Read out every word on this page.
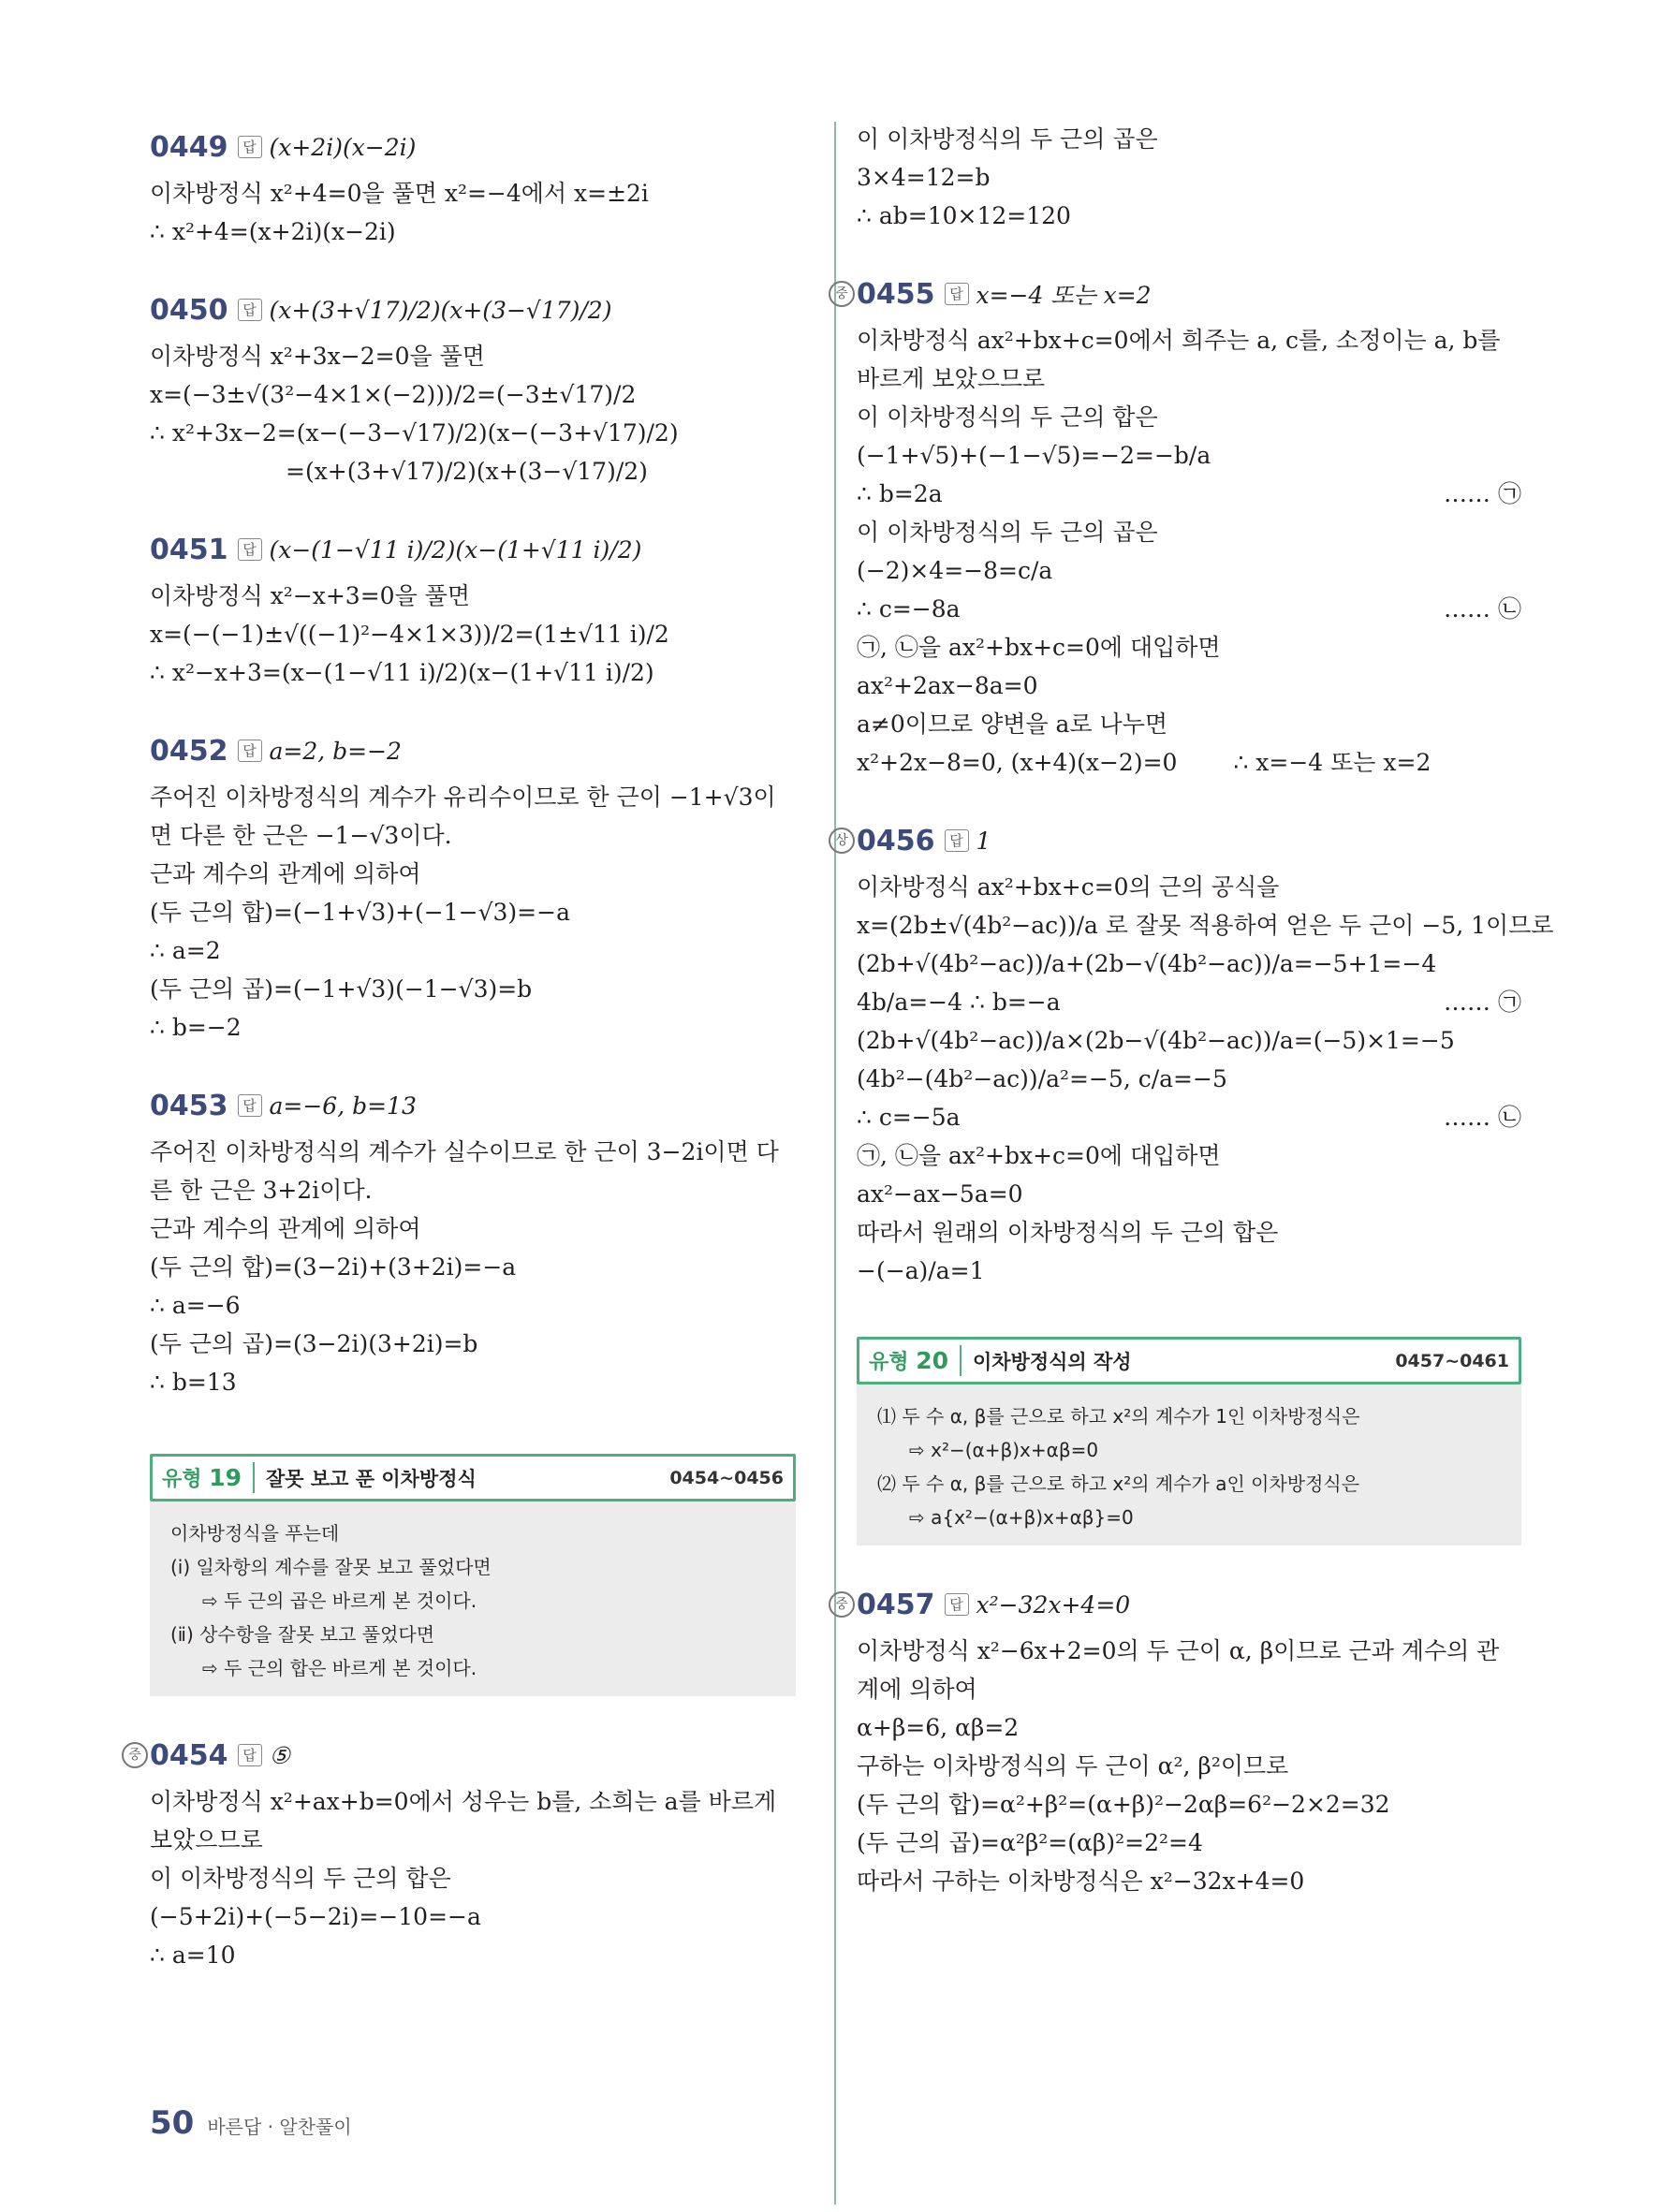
0449	답 (x+2i)(x−2i)
이차방정식 x²+4=0을 풀면 x²=−4에서 x=±2i
∴ x²+4=(x+2i)(x−2i)
0450	답 (x+(3+√17)/2)(x+(3−√17)/2)
이차방정식 x²+3x−2=0을 풀면
x=(−3±√(3²−4×1×(−2)))/2=(−3±√17)/2
∴ x²+3x−2=(x−(−3−√17)/2)(x−(−3+√17)/2)
=(x+(3+√17)/2)(x+(3−√17)/2)
0451	답 (x−(1−√11 i)/2)(x−(1+√11 i)/2)
이차방정식 x²−x+3=0을 풀면
x=(−(−1)±√((−1)²−4×1×3))/2=(1±√11 i)/2
∴ x²−x+3=(x−(1−√11 i)/2)(x−(1+√11 i)/2)
0452	답 a=2, b=−2
주어진 이차방정식의 계수가 유리수이므로 한 근이 −1+√3이면 다른 한 근은 −1−√3이다.
근과 계수의 관계에 의하여
(두 근의 합)=(−1+√3)+(−1−√3)=−a
∴ a=2
(두 근의 곱)=(−1+√3)(−1−√3)=b
∴ b=−2
0453	답 a=−6, b=13
주어진 이차방정식의 계수가 실수이므로 한 근이 3−2i이면 다른 한 근은 3+2i이다.
근과 계수의 관계에 의하여
(두 근의 합)=(3−2i)+(3+2i)=−a
∴ a=−6
(두 근의 곱)=(3−2i)(3+2i)=b
∴ b=13
유형 19 잘못 보고 푼 이차방정식	0454~0456
이차방정식을 푸는데
(ⅰ) 일차항의 계수를 잘못 보고 풀었다면
⇨ 두 근의 곱은 바르게 본 것이다.
(ⅱ) 상수항을 잘못 보고 풀었다면
⇨ 두 근의 합은 바르게 본 것이다.
중 0454	답 ⑤
이차방정식 x²+ax+b=0에서 성우는 b를, 소희는 a를 바르게 보았으므로
이 이차방정식의 두 근의 합은
(−5+2i)+(−5−2i)=−10=−a
∴ a=10
이 이차방정식의 두 근의 곱은
3×4=12=b
∴ ab=10×12=120
중 0455	답 x=−4 또는 x=2
이차방정식 ax²+bx+c=0에서 희주는 a, c를, 소정이는 a, b를 바르게 보았으므로
이 이차방정식의 두 근의 합은
(−1+√5)+(−1−√5)=−2=−b/a
∴ b=2a	…… ㉠
이 이차방정식의 두 근의 곱은
(−2)×4=−8=c/a
∴ c=−8a	…… ㉡
㉠, ㉡을 ax²+bx+c=0에 대입하면
ax²+2ax−8a=0
a≠0이므로 양변을 a로 나누면
x²+2x−8=0, (x+4)(x−2)=0 ∴ x=−4 또는 x=2
상 0456	답 1
이차방정식 ax²+bx+c=0의 근의 공식을
x=(2b±√(4b²−ac))/a 로 잘못 적용하여 얻은 두 근이 −5, 1이므로
(2b+√(4b²−ac))/a+(2b−√(4b²−ac))/a=−5+1=−4
4b/a=−4 ∴ b=−a	…… ㉠
(2b+√(4b²−ac))/a×(2b−√(4b²−ac))/a=(−5)×1=−5
(4b²−(4b²−ac))/a²=−5, c/a=−5
∴ c=−5a	…… ㉡
㉠, ㉡을 ax²+bx+c=0에 대입하면
ax²−ax−5a=0
따라서 원래의 이차방정식의 두 근의 합은
−(−a)/a=1
유형 20 이차방정식의 작성	0457~0461
⑴ 두 수 α, β를 근으로 하고 x²의 계수가 1인 이차방정식은
⇨ x²−(α+β)x+αβ=0
⑵ 두 수 α, β를 근으로 하고 x²의 계수가 a인 이차방정식은
⇨ a{x²−(α+β)x+αβ}=0
중 0457	답 x²−32x+4=0
이차방정식 x²−6x+2=0의 두 근이 α, β이므로 근과 계수의 관계에 의하여
α+β=6, αβ=2
구하는 이차방정식의 두 근이 α², β²이므로
(두 근의 합)=α²+β²=(α+β)²−2αβ=6²−2×2=32
(두 근의 곱)=α²β²=(αβ)²=2²=4
따라서 구하는 이차방정식은 x²−32x+4=0
50 바른답 · 알찬풀이
